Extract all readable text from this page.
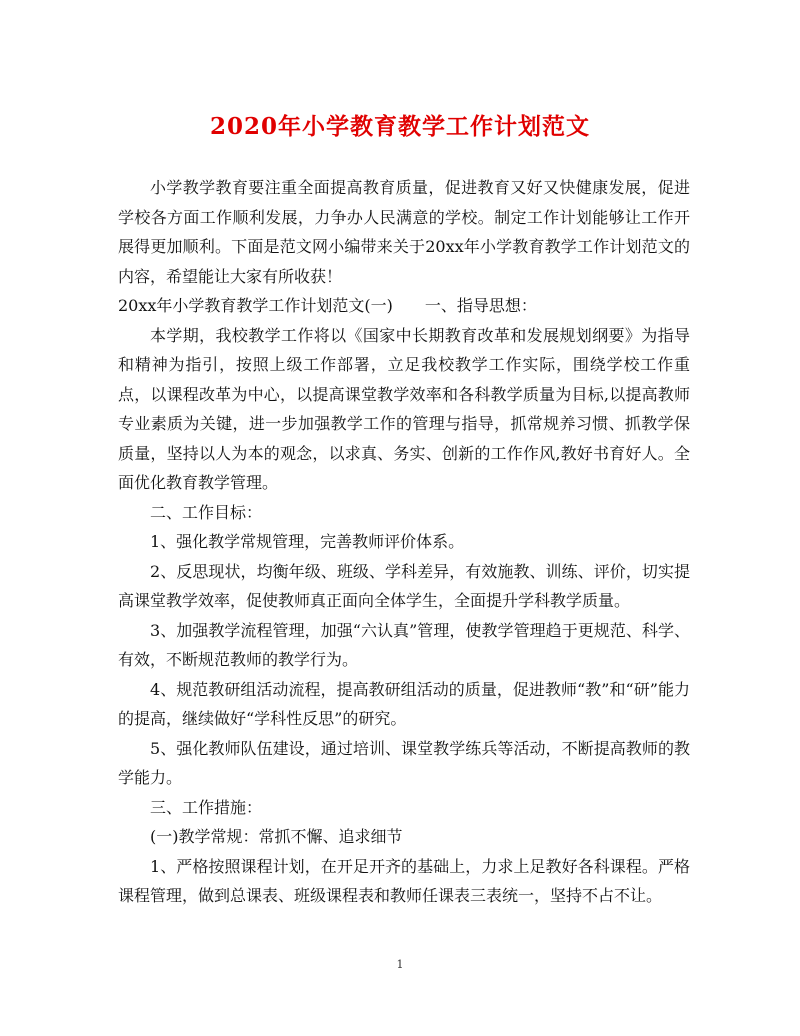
2020年小学教育教学工作计划范文

小学教学教育要注重全面提高教育质量，促进教育又好又快健康发展，促进学校各方面工作顺利发展，力争办人民满意的学校。制定工作计划能够让工作开展得更加顺利。下面是范文网小编带来关于20xx年小学教育教学工作计划范文的内容，希望能让大家有所收获！

20xx年小学教育教学工作计划范文(一)　　一、指导思想：

本学期，我校教学工作将以《国家中长期教育改革和发展规划纲要》为指导和精神为指引，按照上级工作部署，立足我校教学工作实际，围绕学校工作重点，以课程改革为中心，以提高课堂教学效率和各科教学质量为目标,以提高教师专业素质为关键，进一步加强教学工作的管理与指导，抓常规养习惯、抓教学保质量，坚持以人为本的观念，以求真、务实、创新的工作作风,教好书育好人。全面优化教育教学管理。

二、工作目标：

1、强化教学常规管理，完善教师评价体系。

2、反思现状，均衡年级、班级、学科差异，有效施教、训练、评价，切实提高课堂教学效率，促使教师真正面向全体学生，全面提升学科教学质量。

3、加强教学流程管理，加强“六认真”管理，使教学管理趋于更规范、科学、有效，不断规范教师的教学行为。

4、规范教研组活动流程，提高教研组活动的质量，促进教师“教”和“研”能力的提高，继续做好“学科性反思”的研究。

5、强化教师队伍建设，通过培训、课堂教学练兵等活动，不断提高教师的教学能力。

三、工作措施：

(一)教学常规：常抓不懈、追求细节

1、严格按照课程计划，在开足开齐的基础上，力求上足教好各科课程。严格课程管理，做到总课表、班级课程表和教师任课表三表统一，坚持不占不让。

1
